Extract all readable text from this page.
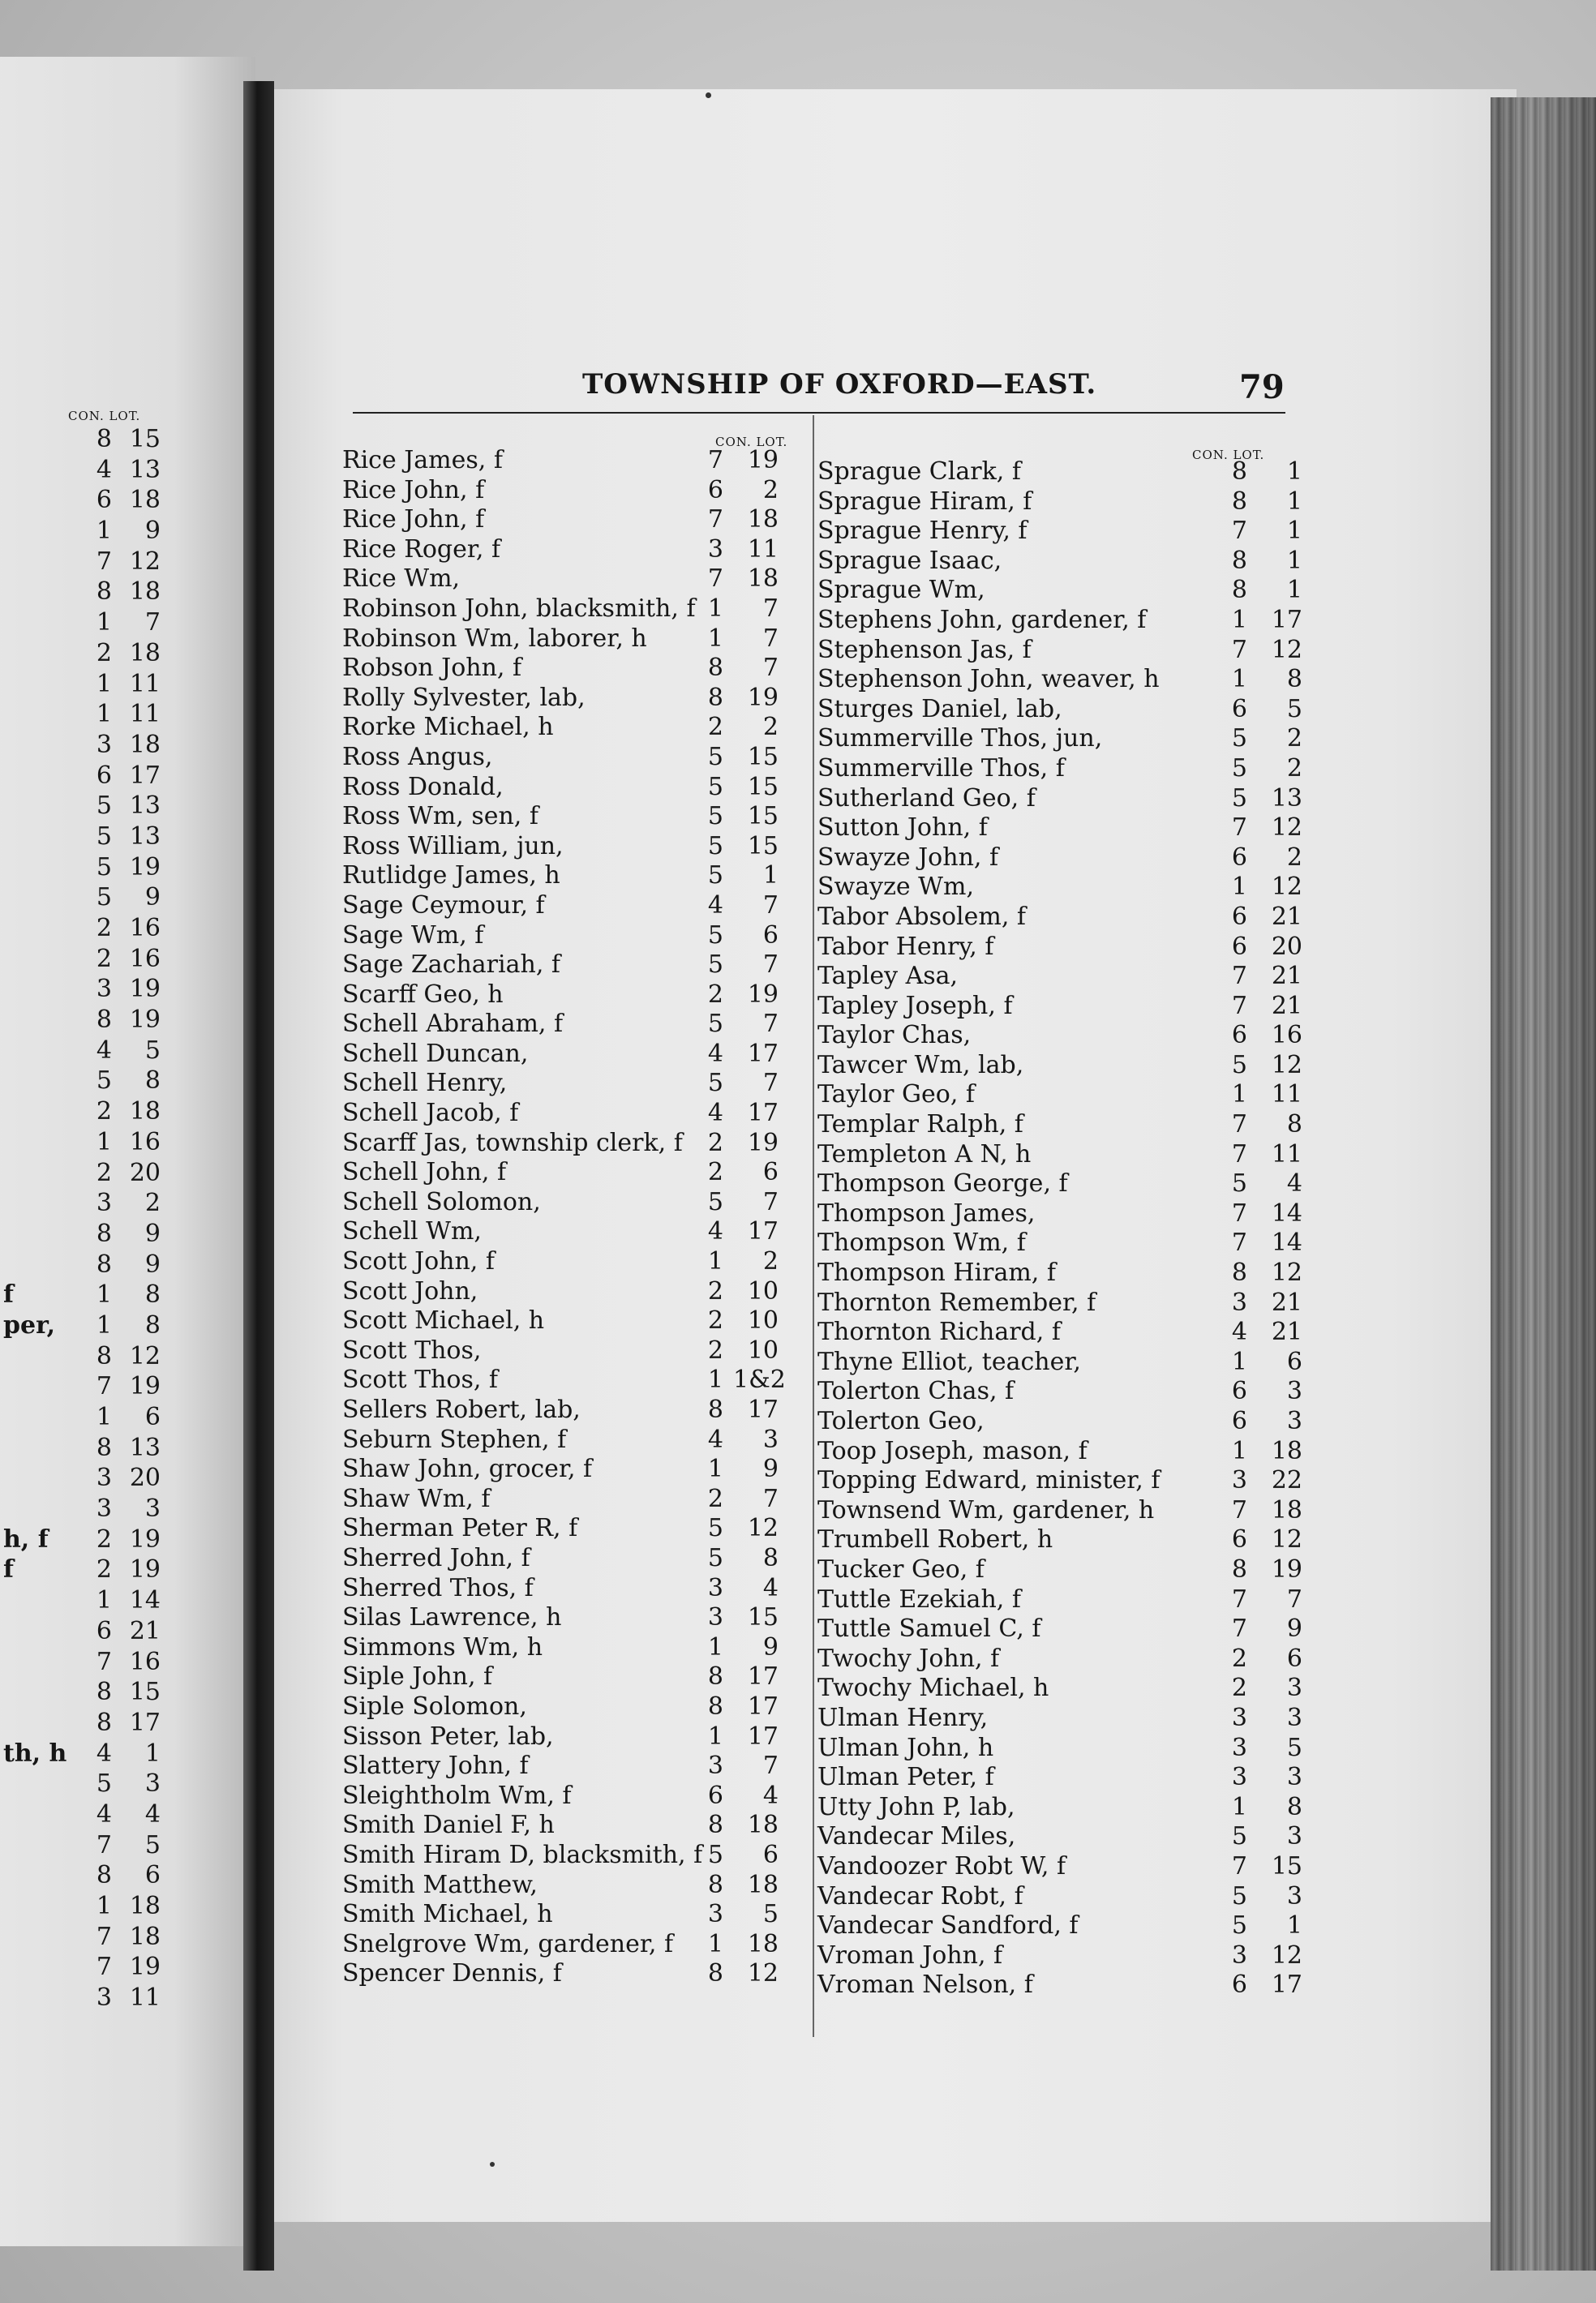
CON. LOT.
8 15
4 13
6 18
1	9
7 12
8 18
1	7
2 18
1 11
1 11
3 18
6 17
5 13
5 13
5 19
5	9
2 16
2 16
3 19
8 19
4	5
5	8
2 18
1 16
2 20
3	2
8	9
8	9
f	1	8
per, 1	8
8 12
7 19
1	6
8 13
3 20
3	3
h, f 2 19
f	2 19
1 14
6 21
7 16
8 15
8 17
th, h 4	1
5	3
4	4
7	5
8	6
1 18
7 18
7 19
3 11
TOWNSHIP OF OXFORD—EAST.	79
CON. LOT.
CON. LOT.
Rice James, f	7 19
Rice John, f	6	2
Rice John, f	7 18
Rice Roger, f	3 11
Rice Wm,	7 18
Robinson John, blacksmith, f 1	7
Robinson Wm, laborer, h	1	7
Robson John, f	8	7
Rolly Sylvester, lab,	8 19
Rorke Michael, h	2	2
Ross Angus,	5 15
Ross Donald,	5 15
Ross Wm, sen, f	5 15
Ross William, jun,	5 15
Rutlidge James, h	5	1
Sage Ceymour, f	4	7
Sage Wm, f	5	6
Sage Zachariah, f	5	7
Scarff Geo, h	2 19
Schell Abraham, f	5	7
Schell Duncan,	4 17
Schell Henry,	5	7
Schell Jacob, f	4 17
Scarff Jas, township clerk, f	2 19
Schell John, f	2	6
Schell Solomon,	5	7
Schell Wm,	4 17
Scott John, f	1	2
Scott John,	2 10
Scott Michael, h	2 10
Scott Thos,	2 10
Scott Thos, f	1 1&2
Sellers Robert, lab,	8 17
Seburn Stephen, f	4	3
Shaw John, grocer, f	1	9
Shaw Wm, f	2	7
Sherman Peter R, f	5 12
Sherred John, f	5	8
Sherred Thos, f	3	4
Silas Lawrence, h	3 15
Simmons Wm, h	1	9
Siple John, f	8 17
Siple Solomon,	8 17
Sisson Peter, lab,	1 17
Slattery John, f	3	7
Sleightholm Wm, f	6	4
Smith Daniel F, h	8 18
Smith Hiram D, blacksmith, f 5	6
Smith Matthew,	8 18
Smith Michael, h	3	5
Snelgrove Wm, gardener, f	1 18
Spencer Dennis, f	8 12
Sprague Clark, f	8	1
Sprague Hiram, f	8	1
Sprague Henry, f	7	1
Sprague Isaac,	8	1
Sprague Wm,	8	1
Stephens John, gardener, f	1 17
Stephenson Jas, f	7 12
Stephenson John, weaver, h	1	8
Sturges Daniel, lab,	6	5
Summerville Thos, jun,	5	2
Summerville Thos, f	5	2
Sutherland Geo, f	5 13
Sutton John, f	7 12
Swayze John, f	6	2
Swayze Wm,	1 12
Tabor Absolem, f	6 21
Tabor Henry, f	6 20
Tapley Asa,	7 21
Tapley Joseph, f	7 21
Taylor Chas,	6 16
Tawcer Wm, lab,	5 12
Taylor Geo, f	1 11
Templar Ralph, f	7	8
Templeton A N, h	7 11
Thompson George, f	5	4
Thompson James,	7 14
Thompson Wm, f	7 14
Thompson Hiram, f	8 12
Thornton Remember, f	3 21
Thornton Richard, f	4 21
Thyne Elliot, teacher,	1	6
Tolerton Chas, f	6	3
Tolerton Geo,	6	3
Toop Joseph, mason, f	1 18
Topping Edward, minister, f	3 22
Townsend Wm, gardener, h	7 18
Trumbell Robert, h	6 12
Tucker Geo, f	8 19
Tuttle Ezekiah, f	7	7
Tuttle Samuel C, f	7	9
Twochy John, f	2	6
Twochy Michael, h	2	3
Ulman Henry,	3	3
Ulman John, h	3	5
Ulman Peter, f	3	3
Utty John P, lab,	1	8
Vandecar Miles,	5	3
Vandoozer Robt W, f	7 15
Vandecar Robt, f	5	3
Vandecar Sandford, f	5	1
Vroman John, f	3 12
Vroman Nelson, f	6 17
